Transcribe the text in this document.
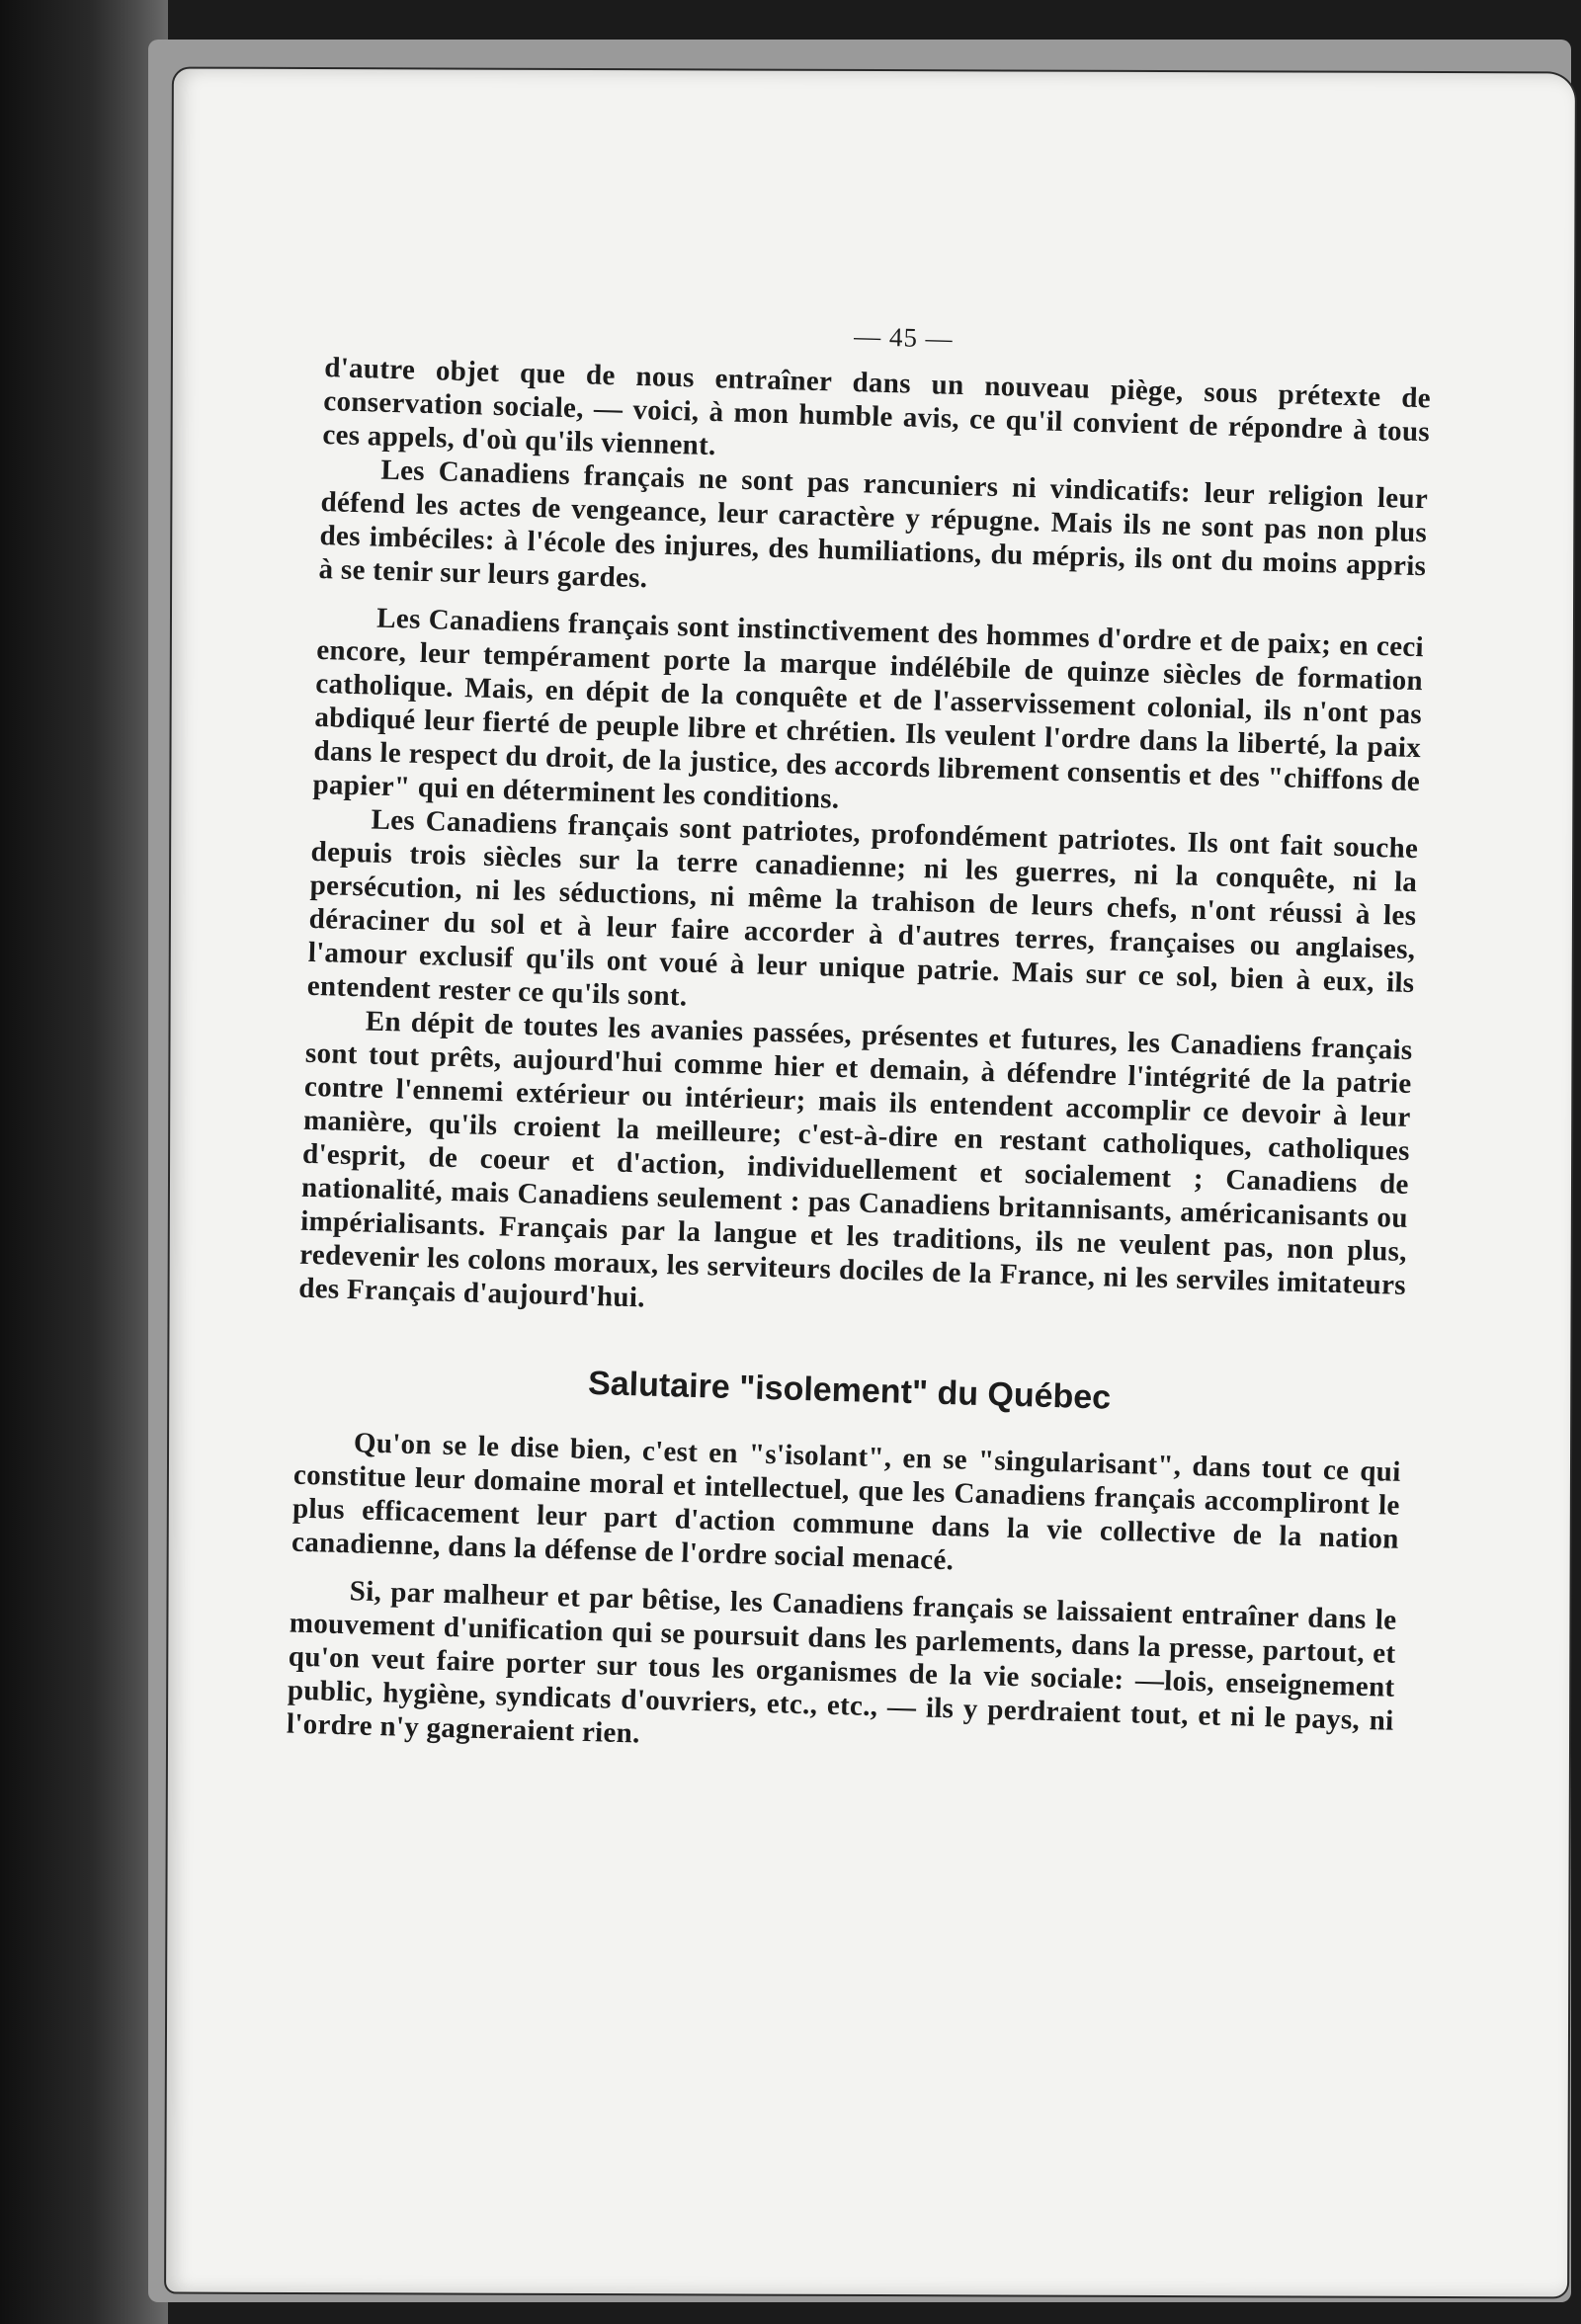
— 45 —

d'autre objet que de nous entraîner dans un nouveau piège, sous prétexte de conservation sociale, — voici, à mon humble avis, ce qu'il convient de répondre à tous ces appels, d'où qu'ils viennent.

Les Canadiens français ne sont pas rancuniers ni vindicatifs: leur religion leur défend les actes de vengeance, leur caractère y répugne. Mais ils ne sont pas non plus des imbéciles: à l'école des injures, des humiliations, du mépris, ils ont du moins appris à se tenir sur leurs gardes.

Les Canadiens français sont instinctivement des hommes d'ordre et de paix; en ceci encore, leur tempérament porte la marque indélébile de quinze siècles de formation catholique. Mais, en dépit de la conquête et de l'asservissement colonial, ils n'ont pas abdiqué leur fierté de peuple libre et chrétien. Ils veulent l'ordre dans la liberté, la paix dans le respect du droit, de la justice, des accords librement consentis et des "chiffons de papier" qui en déterminent les conditions.

Les Canadiens français sont patriotes, profondément patriotes. Ils ont fait souche depuis trois siècles sur la terre canadienne; ni les guerres, ni la conquête, ni la persécution, ni les séductions, ni même la trahison de leurs chefs, n'ont réussi à les déraciner du sol et à leur faire accorder à d'autres terres, françaises ou anglaises, l'amour exclusif qu'ils ont voué à leur unique patrie. Mais sur ce sol, bien à eux, ils entendent rester ce qu'ils sont.

En dépit de toutes les avanies passées, présentes et futures, les Canadiens français sont tout prêts, aujourd'hui comme hier et demain, à défendre l'intégrité de la patrie contre l'ennemi extérieur ou intérieur; mais ils entendent accomplir ce devoir à leur manière, qu'ils croient la meilleure; c'est-à-dire en restant catholiques, catholiques d'esprit, de coeur et d'action, individuellement et socialement ; Canadiens de nationalité, mais Canadiens seulement : pas Canadiens britannisants, américanisants ou impérialisants. Français par la langue et les traditions, ils ne veulent pas, non plus, redevenir les colons moraux, les serviteurs dociles de la France, ni les serviles imitateurs des Français d'aujourd'hui.

Salutaire "isolement" du Québec

Qu'on se le dise bien, c'est en "s'isolant", en se "singularisant", dans tout ce qui constitue leur domaine moral et intellectuel, que les Canadiens français accompliront le plus efficacement leur part d'action commune dans la vie collective de la nation canadienne, dans la défense de l'ordre social menacé.

Si, par malheur et par bêtise, les Canadiens français se laissaient entraîner dans le mouvement d'unification qui se poursuit dans les parlements, dans la presse, partout, et qu'on veut faire porter sur tous les organismes de la vie sociale: —lois, enseignement public, hygiène, syndicats d'ouvriers, etc., etc., — ils y perdraient tout, et ni le pays, ni l'ordre n'y gagneraient rien.
